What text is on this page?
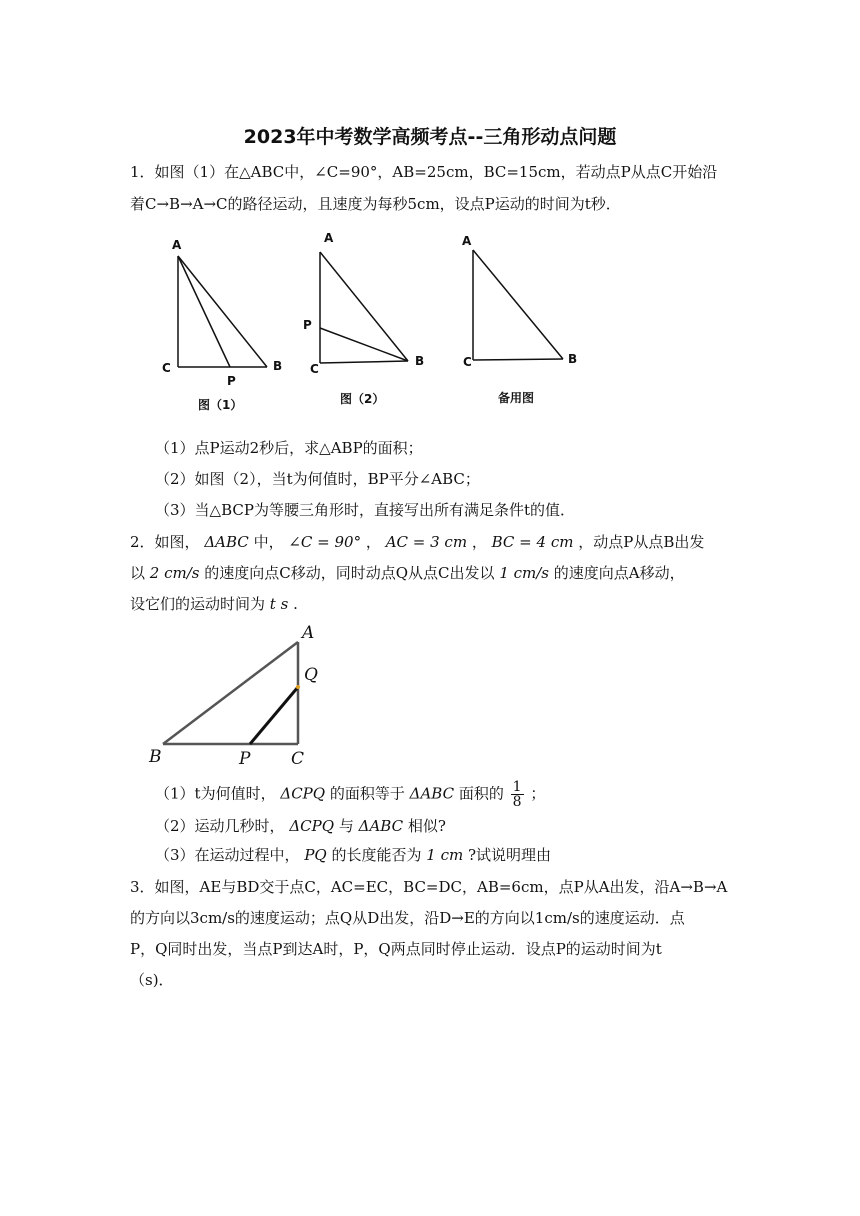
2023年中考数学高频考点--三角形动点问题
1．如图（1）在△ABC中，∠C=90°，AB=25cm，BC=15cm，若动点P从点C开始沿
着C→B→A→C的路径运动，且速度为每秒5cm，设点P运动的时间为t秒．
A
C	B
P
图（1）
A
P
C
B
图（2）
A
C	B
备用图
（1）点P运动2秒后，求△ABP的面积；
（2）如图（2），当t为何值时，BP平分∠ABC；
（3）当△BCP为等腰三角形时，直接写出所有满足条件t的值．
2．如图， ΔABC 中， ∠C = 90° ， AC = 3 cm ， BC = 4 cm ，动点P从点B出发
以 2 cm/s 的速度向点C移动，同时动点Q从点C出发以 1 cm/s 的速度向点A移动，
设它们的运动时间为 t s .
A
Q
B	P C
（1）t为何值时， ΔCPQ 的面积等于 ΔABC 面积的 $\frac{1}{8}$ ；
（2）运动几秒时， ΔCPQ 与 ΔABC 相似?
（3）在运动过程中， PQ 的长度能否为 1 cm ?试说明理由
3．如图，AE与BD交于点C，AC=EC，BC=DC，AB=6cm，点P从A出发，沿A→B→A
的方向以3cm/s的速度运动；点Q从D出发，沿D→E的方向以1cm/s的速度运动．点
P，Q同时出发，当点P到达A时，P，Q两点同时停止运动．设点P的运动时间为t
（s)．
